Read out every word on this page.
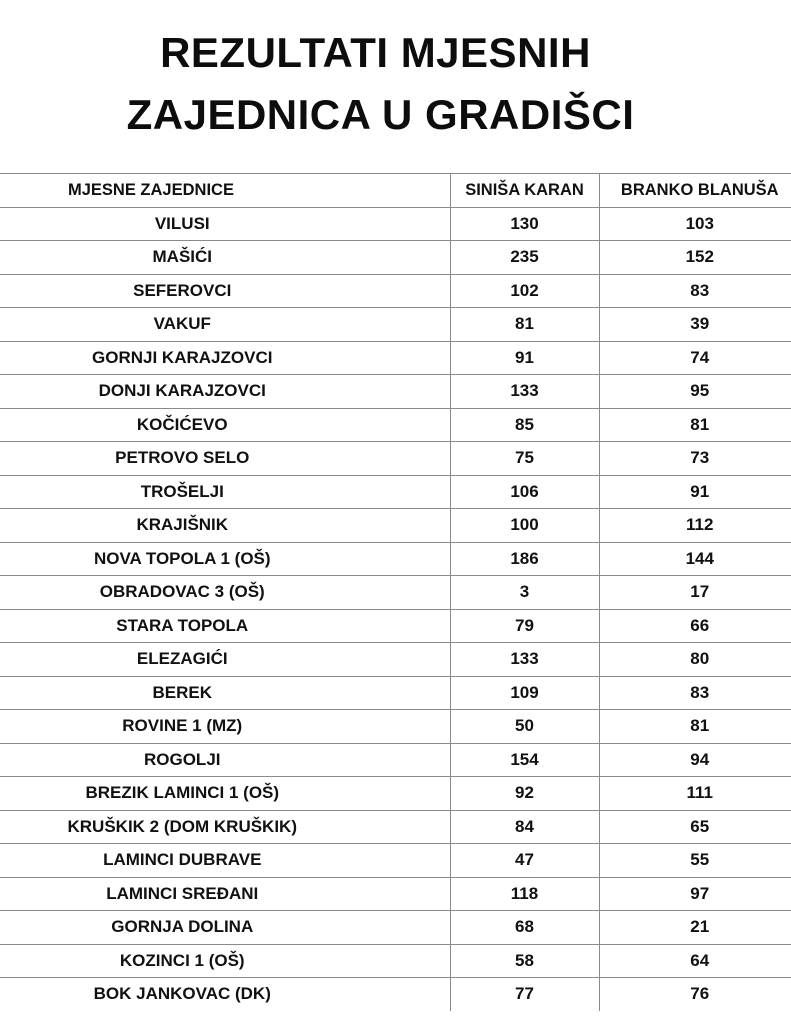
REZULTATI MJESNIH
ZAJEDNICA U GRADIŠCI
MJESNE ZAJEDNICE	SINIŠA KARAN	BRANKO BLANUŠA
VILUSI	130	103
MAŠIĆI	235	152
SEFEROVCI	102	83
VAKUF	81	39
GORNJI KARAJZOVCI	91	74
DONJI KARAJZOVCI	133	95
KOČIĆEVO	85	81
PETROVO SELO	75	73
TROŠELJI	106	91
KRAJIŠNIK	100	112
NOVA TOPOLA 1 (OŠ)	186	144
OBRADOVAC 3 (OŠ)	3	17
STARA TOPOLA	79	66
ELEZAGIĆI	133	80
BEREK	109	83
ROVINE 1 (MZ)	50	81
ROGOLJI	154	94
BREZIK LAMINCI 1 (OŠ)	92	111
KRUŠKIK 2 (DOM KRUŠKIK)	84	65
LAMINCI DUBRAVE	47	55
LAMINCI SREĐANI	118	97
GORNJA DOLINA	68	21
KOZINCI 1 (OŠ)	58	64
BOK JANKOVAC (DK)	77	76
